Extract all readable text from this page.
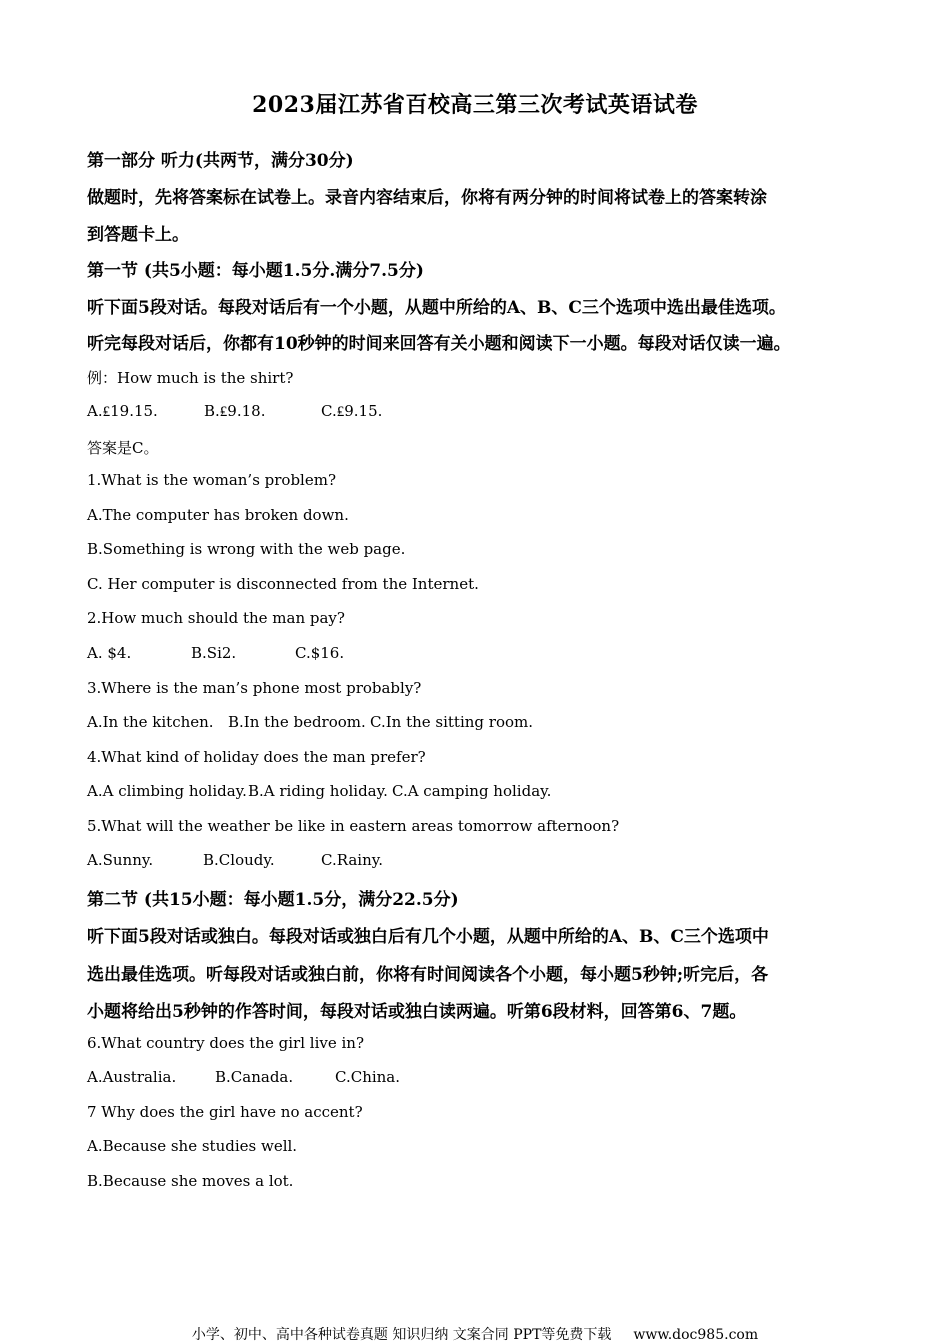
2023届江苏省百校高三第三次考试英语试卷
第一部分 听力(共两节，满分30分)
做题时，先将答案标在试卷上。录音内容结束后，你将有两分钟的时间将试卷上的答案转涂
到答题卡上。
第一节 (共5小题：每小题1.5分.满分7.5分)
听下面5段对话。每段对话后有一个小题，从题中所给的A、B、C三个选项中选出最佳选项。
听完每段对话后，你都有10秒钟的时间来回答有关小题和阅读下一小题。每段对话仅读一遍。
例：How much is the shirt?
A.₤19.15.	B.₤9.18.	C.₤9.15.
答案是C。
1.What is the woman’s problem?
A.The computer has broken down.
B.Something is wrong with the web page.
C. Her computer is disconnected from the Internet.
2.How much should the man pay?
A. $4.	B.Si2.	C.$16.
3.Where is the man’s phone most probably?
A.In the kitchen. B.In the bedroom. C.In the sitting room.
4.What kind of holiday does the man prefer?
A.A climbing holiday.B.A riding holiday. C.A camping holiday.
5.What will the weather be like in eastern areas tomorrow afternoon?
A.Sunny.	B.Cloudy.	C.Rainy.
第二节 (共15小题：每小题1.5分，满分22.5分)
听下面5段对话或独白。每段对话或独白后有几个小题，从题中所给的A、B、C三个选项中
选出最佳选项。听每段对话或独白前，你将有时间阅读各个小题，每小题5秒钟;听完后，各
小题将给出5秒钟的作答时间，每段对话或独白读两遍。听第6段材料，回答第6、7题。
6.What country does the girl live in?
A.Australia.	B.Canada.	C.China.
7 Why does the girl have no accent?
A.Because she studies well.
B.Because she moves a lot.
小学、初中、高中各种试卷真题 知识归纳 文案合同 PPT等免费下载 www.doc985.com
